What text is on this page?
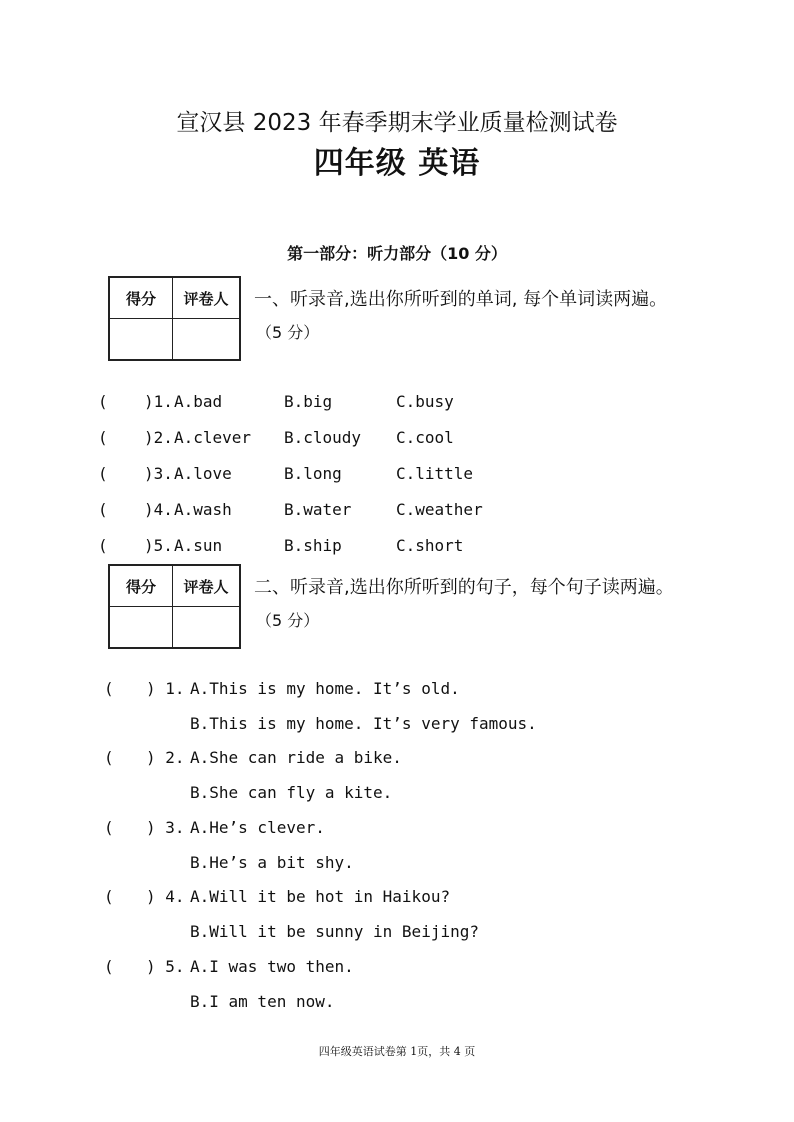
宣汉县 2023 年春季期末学业质量检测试卷
四年级 英语
第一部分：听力部分（10 分）
得分	评卷人
	一、听录音,选出你所听到的单词, 每个单词读两遍。
（5 分）
( )1. A.bad	B.big	C.busy
( )2. A.clever B.cloudy C.cool
( )3. A.love	B.long	C.little
( )4. A.wash	B.water	C.weather
( )5. A.sun	B.ship	C.short
得分	评卷人
	二、听录音,选出你所听到的句子，每个句子读两遍。
（5 分）
( ) 1. A.This is my home. It’s old.
B.This is my home. It’s very famous.
( ) 2. A.She can ride a bike.
B.She can fly a kite.
( ) 3. A.He’s clever.
B.He’s a bit shy.
( ) 4. A.Will it be hot in Haikou?
B.Will it be sunny in Beijing?
( ) 5. A.I was two then.
B.I am ten now.
四年级英语试卷第 1页，共 4 页
